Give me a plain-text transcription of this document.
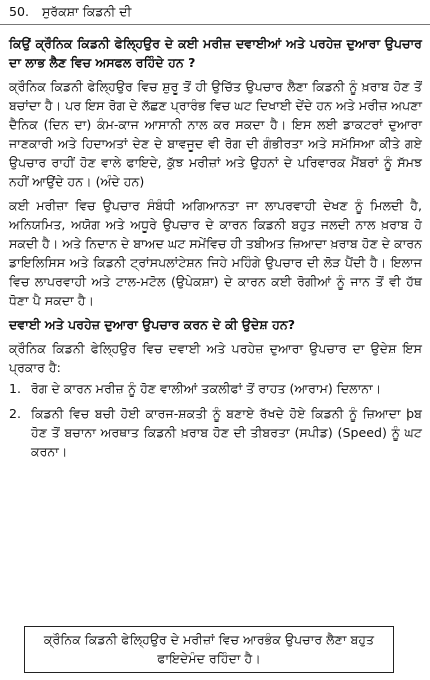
50. ਸੁਰੱਕਸ਼ਾ ਕਿਡਨੀ ਦੀ

ਕਿਉਂ ਕ੍ਰੌਨਿਕ ਕਿਡਨੀ ਫੇਲ੍ਹਿਉਰ ਦੇ ਕਈ ਮਰੀਜ਼ ਦਵਾਈਆਂ ਅਤੇ ਪਰਹੇਜ਼ ਦੁਆਰਾ ਉਪਚਾਰ ਦਾ ਲਾਭ ਲੈਣ ਵਿਚ ਅਸਫਲ ਰਹਿੰਦੇ ਹਨ ?

ਕ੍ਰੌਨਿਕ ਕਿਡਨੀ ਫੇਲ੍ਹਿਉਰ ਵਿਚ ਸ਼ੁਰੂ ਤੋਂ ਹੀ ਉਚਿੱਤ ਉਪਚਾਰ ਲੈਣਾ ਕਿਡਨੀ ਨੂੰ ਖ਼ਰਾਬ ਹੋਣ ਤੋਂ ਬਚਾਂਦਾ ਹੈ। ਪਰ ਇਸ ਰੋਗ ਦੇ ਲੱਛਣ ਪ੍ਰਾਰੰਭ ਵਿਚ ਘਟ ਦਿਖਾਈ ਦੇਂਦੇ ਹਨ ਅਤੇ ਮਰੀਜ਼ ਅਪਣਾ ਦੈਨਿਕ (ਦਿਨ ਦਾ) ਕੰਮ-ਕਾਜ ਆਸਾਨੀ ਨਾਲ ਕਰ ਸਕਦਾ ਹੈ। ਇਸ ਲਈ ਡਾਕਟਰਾਂ ਦੁਆਰਾ ਜਾਣਕਾਰੀ ਅਤੇ ਹਿਦਾਅਤਾਂ ਦੇਣ ਦੇ ਬਾਵਜੂਦ ਵੀ ਰੋਗ ਦੀ ਗੰਭੀਰਤਾ ਅਤੇ ਸਮੱਸਿਆ ਕੀਤੇ ਗਏ ਉਪਚਾਰ ਰਾਹੀਂ ਹੋਣ ਵਾਲੇ ਫਾਇਦੇ, ਕੁੱਝ ਮਰੀਜ਼ਾਂ ਅਤੇ ਉਹਨਾਂ ਦੇ ਪਰਿਵਾਰਕ ਮੈਂਬਰਾਂ ਨੂੰ ਸੱਮਝ ਨਹੀਂ ਆਉਂਦੇ ਹਨ। (ਅੰਦੇ ਹਨ)

ਕਈ ਮਰੀਜ਼ਾ ਵਿਚ ਉਪਚਾਰ ਸੰਬੰਧੀ ਅਗਿਆਨਤਾ ਜਾ ਲਾਪਰਵਾਹੀ ਦੇਖਣ ਨੂੰ ਮਿਲਦੀ ਹੈ, ਅਨਿਯਮਿਤ, ਅਯੋਗ ਅਤੇ ਅਧੂਰੇ ਉਪਚਾਰ ਦੇ ਕਾਰਨ ਕਿਡਨੀ ਬਹੁਤ ਜਲਦੀ ਨਾਲ ਖ਼ਰਾਬ ਹੋ ਸਕਦੀ ਹੈ। ਅਤੇ ਨਿਦਾਨ ਦੇ ਬਾਅਦ ਘਟ ਸਮੇਂਵਿਚ ਹੀ ਤਬੀਅਤ ਜ਼ਿਆਦਾ ਖ਼ਰਾਬ ਹੋਣ ਦੇ ਕਾਰਨ ਡਾਇਲਿਸਿਸ ਅਤੇ ਕਿਡਨੀ ਟ੍ਰਾਂਸਪਲਾਂਟੇਸ਼ਨ ਜਿਹੇ ਮਹਿੰਗੇ ਉਪਚਾਰ ਦੀ ਲੋੜ ਪੈਂਦੀ ਹੈ। ਇਲਾਜ ਵਿਚ ਲਾਪਰਵਾਹੀ ਅਤੇ ਟਾਲ-ਮਟੋਲ (ਉਪੇਕਸ਼ਾ) ਦੇ ਕਾਰਨ ਕਈ ਰੋਗੀਆਂ ਨੂੰ ਜਾਨ ਤੋਂ ਵੀ ਹੱਥ ਧੋਣਾ ਪੈ ਸਕਦਾ ਹੈ।

ਦਵਾਈ ਅਤੇ ਪਰਹੇਜ਼ ਦੁਆਰਾ ਉਪਚਾਰ ਕਰਨ ਦੇ ਕੀ ਉਦੇਸ਼ ਹਨ?

ਕ੍ਰੌਨਿਕ ਕਿਡਨੀ ਫੇਲ੍ਹਿਉਰ ਵਿਚ ਦਵਾਈ ਅਤੇ ਪਰਹੇਜ਼ ਦੁਆਰਾ ਉਪਚਾਰ ਦਾ ਉਦੇਸ਼ ਇਸ ਪ੍ਰਕਾਰ ਹੈ:

1. ਰੋਗ ਦੇ ਕਾਰਨ ਮਰੀਜ਼ ਨੂੰ ਹੋਣ ਵਾਲੀਆਂ ਤਕਲੀਫਾਂ ਤੋਂ ਰਾਹਤ (ਆਰਾਮ) ਦਿਲਾਨਾ।
2. ਕਿਡਨੀ ਵਿਚ ਬਚੀ ਹੋਈ ਕਾਰਜ-ਸ਼ਕਤੀ ਨੂੰ ਬਣਾਏ ਰੱਖਦੇ ਹੋਏ ਕਿਡਨੀ ਨੂੰ ਜ਼ਿਆਦਾ þਬ ਹੋਣ ਤੋਂ ਬਚਾਨਾ ਅਰਥਾਤ ਕਿਡਨੀ ਖ਼ਰਾਬ ਹੋਣ ਦੀ ਤੀਬਰਤਾ (ਸਪੀਡ) (Speed) ਨੂੰ ਘਟ ਕਰਨਾ।
ਕ੍ਰੌਨਿਕ ਕਿਡਨੀ ਫੇਲ੍ਹਿਉਰ ਦੇ ਮਰੀਜ਼ਾਂ ਵਿਚ ਆਰਭੰਕ ਉਪਚਾਰ ਲੈਣਾ ਬਹੁਤ ਫਾਇਦੇਮੰਦ ਰਹਿੰਦਾ ਹੈ।
